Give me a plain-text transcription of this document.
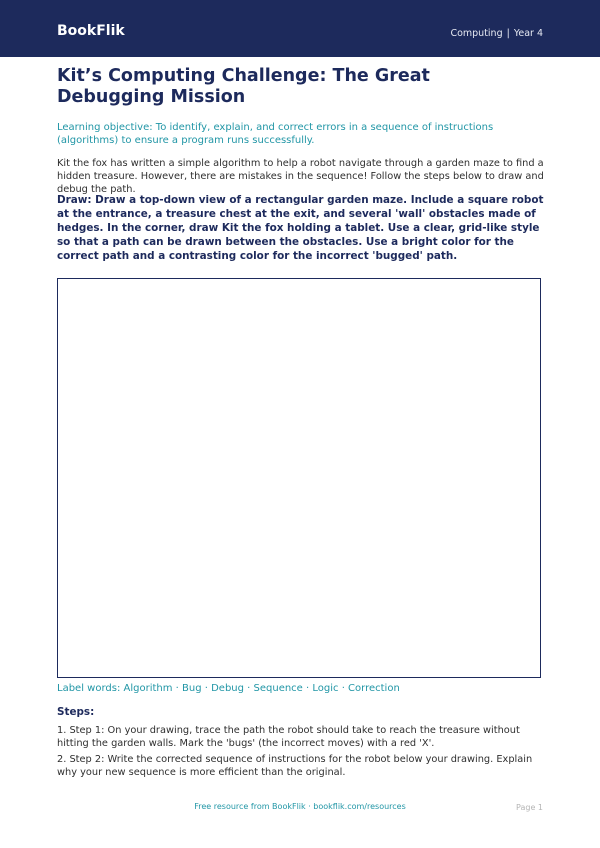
BookFlik	Computing | Year 4
Kit’s Computing Challenge: The Great Debugging Mission
Learning objective: To identify, explain, and correct errors in a sequence of instructions (algorithms) to ensure a program runs successfully.
Kit the fox has written a simple algorithm to help a robot navigate through a garden maze to find a hidden treasure. However, there are mistakes in the sequence! Follow the steps below to draw and debug the path.
Draw: Draw a top-down view of a rectangular garden maze. Include a square robot at the entrance, a treasure chest at the exit, and several 'wall' obstacles made of hedges. In the corner, draw Kit the fox holding a tablet. Use a clear, grid-like style so that a path can be drawn between the obstacles. Use a bright color for the correct path and a contrasting color for the incorrect 'bugged' path.
Label words: Algorithm · Bug · Debug · Sequence · Logic · Correction
Steps:
1. Step 1: On your drawing, trace the path the robot should take to reach the treasure without hitting the garden walls. Mark the 'bugs' (the incorrect moves) with a red 'X'.
2. Step 2: Write the corrected sequence of instructions for the robot below your drawing. Explain why your new sequence is more efficient than the original.
Free resource from BookFlik · bookflik.com/resources	Page 1
